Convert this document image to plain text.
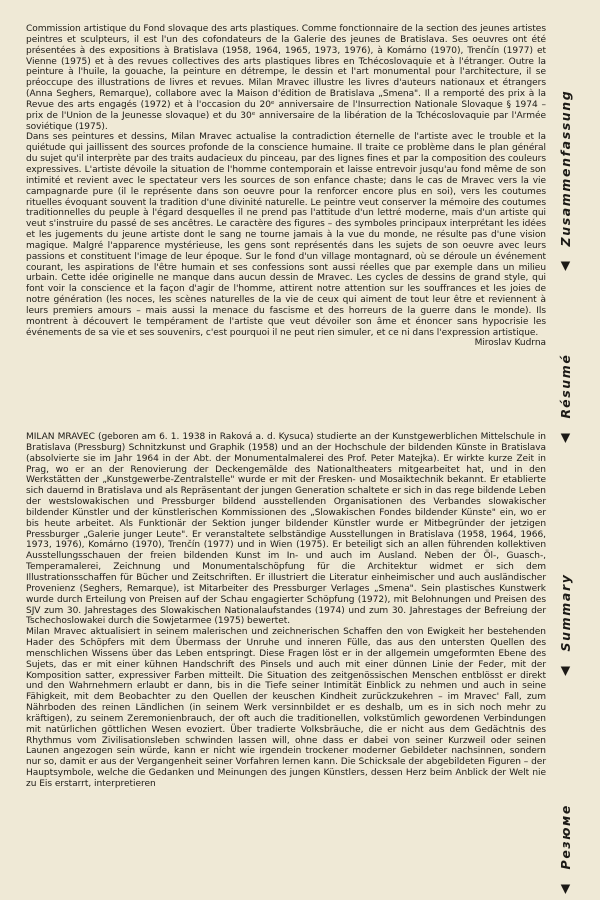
Commission artistique du Fond slovaque des arts plastiques. Comme fonctionnaire de la section des jeunes artistes peintres et sculpteurs, il est l'un des cofondateurs de la Galerie des jeunes de Bratislava. Ses oeuvres ont été présentées à des expositions à Bratislava (1958, 1964, 1965, 1973, 1976), à Komárno (1970), Trenčín (1977) et Vienne (1975) et à des revues collectives des arts plastiques libres en Tchécoslovaquie et à l'étranger. Outre la peinture à l'huile, la gouache, la peinture en détrempe, le dessin et l'art monumental pour l'architecture, il se préoccupe des illustrations de livres et revues. Milan Mravec illustre les livres d'auteurs nationaux et étrangers (Anna Seghers, Remarque), collabore avec la Maison d'édition de Bratislava „Smena". Il a remporté des prix à la Revue des arts engagés (1972) et à l'occasion du 20ᵉ anniversaire de l'Insurrection Nationale Slovaque § 1974 – prix de l'Union de la Jeunesse slovaque) et du 30ᵉ anniversaire de la libération de la Tchécoslovaquie par l'Armée soviétique (1975).

Dans ses peintures et dessins, Milan Mravec actualise la contradiction éternelle de l'artiste avec le trouble et la quiétude qui jaillissent des sources profonde de la conscience humaine. Il traite ce problème dans le plan général du sujet qu'il interprète par des traits audacieux du pinceau, par des lignes fines et par la composition des couleurs expressives. L'artiste dévoile la situation de l'homme contemporain et laisse entrevoir jusqu'au fond même de son intimité et revient avec le spectateur vers les sources de son enfance chaste; dans le cas de Mravec vers la vie campagnarde pure (il le représente dans son oeuvre pour la renforcer encore plus en soi), vers les coutumes rituelles évoquant souvent la tradition d'une divinité naturelle. Le peintre veut conserver la mémoire des coutumes traditionnelles du peuple à l'égard desquelles il ne prend pas l'attitude d'un lettré moderne, mais d'un artiste qui veut s'instruire du passé de ses ancêtres. Le caractère des figures – des symboles principaux interprétant les idées et les jugements du jeune artiste dont le sang ne tourne jamais à la vue du monde, ne résulte pas d'une vision magique. Malgré l'apparence mystérieuse, les gens sont représentés dans les sujets de son oeuvre avec leurs passions et constituent l'image de leur époque. Sur le fond d'un village montagnard, où se déroule un événement courant, les aspirations de l'être humain et ses confessions sont aussi réelles que par exemple dans un milieu urbain. Cette idée originelle ne manque dans aucun dessin de Mravec. Les cycles de dessins de grand style, qui font voir la conscience et la façon d'agir de l'homme, attirent notre attention sur les souffrances et les joies de notre génération (les noces, les scènes naturelles de la vie de ceux qui aiment de tout leur être et reviennent à leurs premiers amours – mais aussi la menace du fascisme et des horreurs de la guerre dans le monde). Ils montrent à découvert le tempérament de l'artiste que veut dévoiler son âme et énoncer sans hypocrisie les événements de sa vie et ses souvenirs, c'est pourquoi il ne peut rien simuler, et ce ni dans l'expression artistique.

Miroslav Kudrna

MILAN MRAVEC (geboren am 6. 1. 1938 in Raková a. d. Kysuca) studierte an der Kunstgewerblichen Mittelschule in Bratislava (Pressburg) Schnitzkunst und Graphik (1958) und an der Hochschule der bildenden Künste in Bratislava (absolvierte sie im Jahr 1964 in der Abt. der Monumentalmalerei des Prof. Peter Matejka). Er wirkte kurze Zeit in Prag, wo er an der Renovierung der Deckengemälde des Nationaltheaters mitgearbeitet hat, und in den Werkstätten der „Kunstgewerbe-Zentralstelle" wurde er mit der Fresken- und Mosaiktechnik bekannt. Er etablierte sich dauernd in Bratislava und als Repräsentant der jungen Generation schaltete er sich in das rege bildende Leben der westslowakischen und Pressburger bildend ausstellenden Organisationen des Verbandes slowakischer bildender Künstler und der künstlerischen Kommissionen des „Slowakischen Fondes bildender Künste" ein, wo er bis heute arbeitet. Als Funktionär der Sektion junger bildender Künstler wurde er Mitbegründer der jetzigen Pressburger „Galerie junger Leute". Er veranstaltete selbständige Ausstellungen in Bratislava (1958, 1964, 1966, 1973, 1976), Komárno (1970), Trenčín (1977) und in Wien (1975). Er beteiligt sich an allen führenden kollektiven Ausstellungsschauen der freien bildenden Kunst im In- und auch im Ausland. Neben der Öl-, Guasch-, Temperamalerei, Zeichnung und Monumentalschöpfung für die Architektur widmet er sich dem Illustrationsschaffen für Bücher und Zeitschriften. Er illustriert die Literatur einheimischer und auch ausländischer Provenienz (Seghers, Remarque), ist Mitarbeiter des Pressburger Verlages „Smena". Sein plastisches Kunstwerk wurde durch Erteilung von Preisen auf der Schau engagierter Schöpfung (1972), mit Belohnungen und Preisen des SJV zum 30. Jahrestages des Slowakischen Nationalaufstandes (1974) und zum 30. Jahrestages der Befreiung der Tschechoslowakei durch die Sowjetarmee (1975) bewertet.

Milan Mravec aktualisiert in seinem malerischen und zeichnerischen Schaffen den von Ewigkeit her bestehenden Hader des Schöpfers mit dem Übermass der Unruhe und inneren Fülle, das aus den untersten Quellen des menschlichen Wissens über das Leben entspringt. Diese Fragen löst er in der allgemein umgeformten Ebene des Sujets, das er mit einer kühnen Handschrift des Pinsels und auch mit einer dünnen Linie der Feder, mit der Komposition satter, expressiver Farben mitteilt. Die Situation des zeitgenössischen Menschen entblösst er direkt und den Wahrnehmern erlaubt er dann, bis in die Tiefe seiner Intimität Einblick zu nehmen und auch in seine Fähigkeit, mit dem Beobachter zu den Quellen der keuschen Kindheit zurückzukehren – im Mravec' Fall, zum Nährboden des reinen Ländlichen (in seinem Werk versinnbildet er es deshalb, um es in sich noch mehr zu kräftigen), zu seinem Zeremonienbrauch, der oft auch die traditionellen, volkstümlich gewordenen Verbindungen mit natürlichen göttlichen Wesen evoziert. Über tradierte Volksbräuche, die er nicht aus dem Gedächtnis des Rhythmus vom Zivilisationsleben schwinden lassen will, ohne dass er dabei von seiner Kurzweil oder seinen Launen angezogen sein würde, kann er nicht wie irgendein trockener moderner Gebildeter nachsinnen, sondern nur so, damit er aus der Vergangenheit seiner Vorfahren lernen kann. Die Schicksale der abgebildeten Figuren – der Hauptsymbole, welche die Gedanken und Meinungen des jungen Künstlers, dessen Herz beim Anblick der Welt nie zu Eis erstarrt, interpretieren

▲ Zusammenfassung
▲ Résumé
▲ Summary
▲ Резюме
